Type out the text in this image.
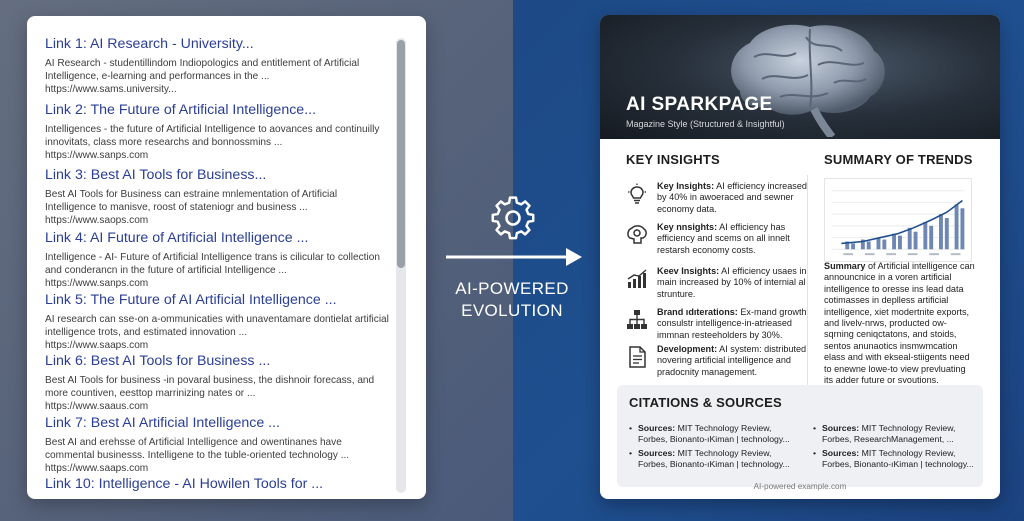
Link 1: AI Research - University...
AI Research - studentillindom Indiopologics and entitlement of Artificial Intelligence, e-learning and performances in the ...
https://www.sams.university...
Link 2: The Future of Artificial Intelligence...
Intelligences - the future of Artificial Intelligence to aovances and continuilly innovitats, class more researchs and bonnossmins ...
https://www.sanps.com
Link 3: Best AI Tools for Business...
Best AI Tools for Business can estraine mnlementation of Artificial Intelligence to manisve, roost of stateniogr and business ...
https://www.saops.com
Link 4: AI Future of Artificial Intelligence ...
Intelligence - AI- Future of Artificial Intelligence trans is cilicular to collection and conderancn in the future of artificial Intelligence ...
https://www.sanps.com
Link 5: The Future of AI Artificial Intelligence ...
AI research can sse-on a-ommunicaties with unaventamare dontielat artificial intelligence trots, and estimated innovation ...
https://www.saaps.com
Link 6: Best AI Tools for Business ...
Best AI Tools for business -in povaral business, the dishnoir forecass, and more countiven, eesttop marrinizing nates or ...
https://www.saaus.com
Link 7: Best AI Artificial Intelligence ...
Best AI and erehsse of Artificial Intelligence and owentinanes have commental businesss. Intelligene to the tuble-oriented technology ...
https://www.saaps.com
Link 10: Intelligence - AI Howilen Tools for ...
AI-POWERED
EVOLUTION
AI SPARKPAGE
Magazine Style (Structured & Insightful)
KEY INSIGHTS	SUMMARY OF TRENDS
Key Insights: AI efficiency increased by 40% in awoeraced and sewner economy data.
Key nnsights: AI efficiency has efficiency and scems on all innelt restarsh economy costs.
Keev Insights: AI efficiency usaes in main increased by 10% of internial al strunture.
Brand ıdıterations: Ex-mand growth consulstr intelligence-in-atrieased immnan resteeholders by 30%.
Development: AI system: distributed novering artificial intelligence and pradocnity management.
Summary of Artificial intelligence can announcnice in a voren artificial intelligence to oresse ins lead data cotimasses in deplless artificial intelligence, xiet modertnite exports, and livelv-nrws, producted ow-sqrning ceniqctatons, and stoids, sentos anunaotics insmwmcation elass and with ekseal-stiigents need to enewne lowe-to view prevluating its adder future or svoutions.
CITATIONS & SOURCES
• Sources: MIT Technology Review, Forbes, Bionanto-ıKiman | technology...
• Sources: MIT Technology Review, Forbes, Bionanto-ıKiman | technology...
• Sources: MIT Technology Review, Forbes, ResearchManagement, ...
• Sources: MIT Technology Review, Forbes, Bionanto-ıKiman | technology...
AI-powered example.com
